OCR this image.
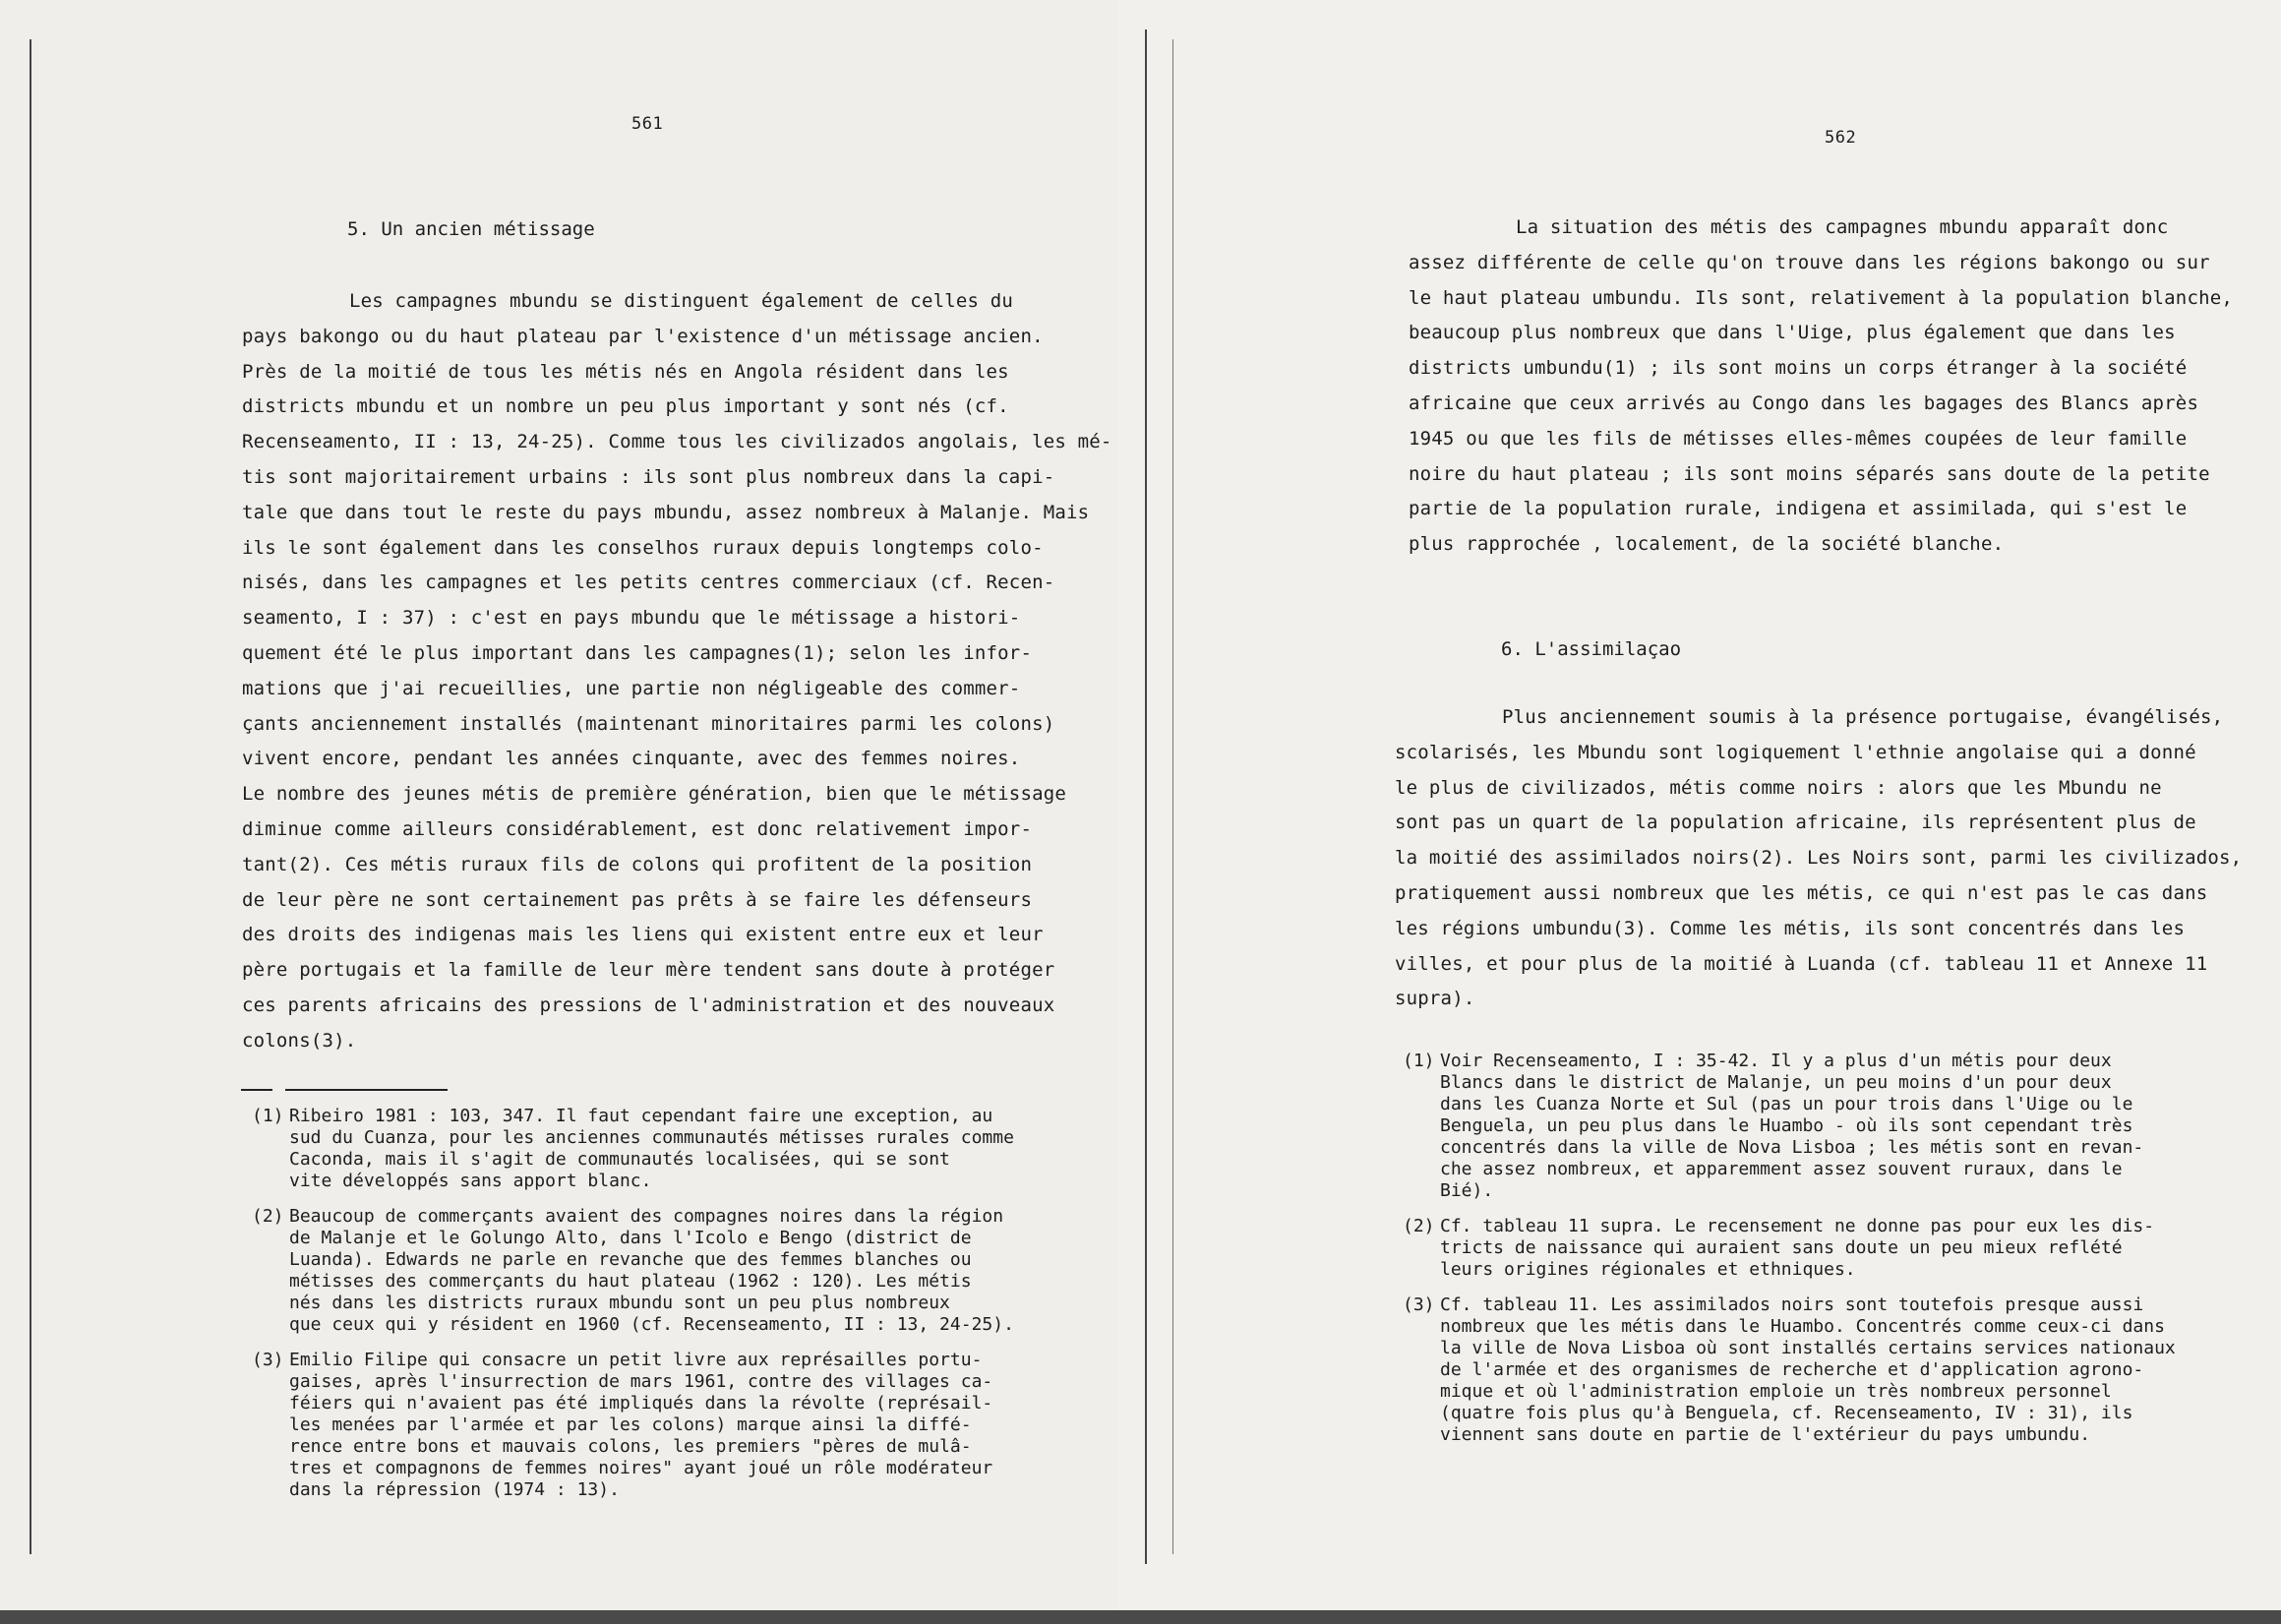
561
5. Un ancien métissage

Les campagnes mbundu se distinguent également de celles du
pays bakongo ou du haut plateau par l'existence d'un métissage ancien.
Près de la moitié de tous les métis nés en Angola résident dans les
districts mbundu et un nombre un peu plus important y sont nés (cf.
Recenseamento, II : 13, 24-25). Comme tous les civilizados angolais, les mé-
tis sont majoritairement urbains : ils sont plus nombreux dans la capi-
tale que dans tout le reste du pays mbundu, assez nombreux à Malanje. Mais
ils le sont également dans les conselhos ruraux depuis longtemps colo-
nisés, dans les campagnes et les petits centres commerciaux (cf. Recen-
seamento, I : 37) : c'est en pays mbundu que le métissage a histori-
quement été le plus important dans les campagnes(1); selon les infor-
mations que j'ai recueillies, une partie non négligeable des commer-
çants anciennement installés (maintenant minoritaires parmi les colons)
vivent encore, pendant les années cinquante, avec des femmes noires.
Le nombre des jeunes métis de première génération, bien que le métissage
diminue comme ailleurs considérablement, est donc relativement impor-
tant(2). Ces métis ruraux fils de colons qui profitent de la position
de leur père ne sont certainement pas prêts à se faire les défenseurs
des droits des indigenas mais les liens qui existent entre eux et leur
père portugais et la famille de leur mère tendent sans doute à protéger
ces parents africains des pressions de l'administration et des nouveaux
colons(3).

(1) Ribeiro 1981 : 103, 347. Il faut cependant faire une exception, au
sud du Cuanza, pour les anciennes communautés métisses rurales comme
Caconda, mais il s'agit de communautés localisées, qui se sont
vite développés sans apport blanc.
(2) Beaucoup de commerçants avaient des compagnes noires dans la région
de Malanje et le Golungo Alto, dans l'Icolo e Bengo (district de
Luanda). Edwards ne parle en revanche que des femmes blanches ou
métisses des commerçants du haut plateau (1962 : 120). Les métis
nés dans les districts ruraux mbundu sont un peu plus nombreux
que ceux qui y résident en 1960 (cf. Recenseamento, II : 13, 24-25).
(3) Emilio Filipe qui consacre un petit livre aux représailles portu-
gaises, après l'insurrection de mars 1961, contre des villages ca-
féiers qui n'avaient pas été impliqués dans la révolte (représail-
les menées par l'armée et par les colons) marque ainsi la diffé-
rence entre bons et mauvais colons, les premiers "pères de mulâ-
tres et compagnons de femmes noires" ayant joué un rôle modérateur
dans la répression (1974 : 13).
562

La situation des métis des campagnes mbundu apparaît donc
assez différente de celle qu'on trouve dans les régions bakongo ou sur
le haut plateau umbundu. Ils sont, relativement à la population blanche,
beaucoup plus nombreux que dans l'Uige, plus également que dans les
districts umbundu(1) ; ils sont moins un corps étranger à la société
africaine que ceux arrivés au Congo dans les bagages des Blancs après
1945 ou que les fils de métisses elles-mêmes coupées de leur famille
noire du haut plateau ; ils sont moins séparés sans doute de la petite
partie de la population rurale, indigena et assimilada, qui s'est le
plus rapprochée , localement, de la société blanche.

6. L'assimilaçao

Plus anciennement soumis à la présence portugaise, évangélisés,
scolarisés, les Mbundu sont logiquement l'ethnie angolaise qui a donné
le plus de civilizados, métis comme noirs : alors que les Mbundu ne
sont pas un quart de la population africaine, ils représentent plus de
la moitié des assimilados noirs(2). Les Noirs sont, parmi les civilizados,
pratiquement aussi nombreux que les métis, ce qui n'est pas le cas dans
les régions umbundu(3). Comme les métis, ils sont concentrés dans les
villes, et pour plus de la moitié à Luanda (cf. tableau 11 et Annexe 11
supra).

(1) Voir Recenseamento, I : 35-42. Il y a plus d'un métis pour deux
Blancs dans le district de Malanje, un peu moins d'un pour deux
dans les Cuanza Norte et Sul (pas un pour trois dans l'Uige ou le
Benguela, un peu plus dans le Huambo - où ils sont cependant très
concentrés dans la ville de Nova Lisboa ; les métis sont en revan-
che assez nombreux, et apparemment assez souvent ruraux, dans le
Bié).
(2) Cf. tableau 11 supra. Le recensement ne donne pas pour eux les dis-
tricts de naissance qui auraient sans doute un peu mieux reflété
leurs origines régionales et ethniques.
(3) Cf. tableau 11. Les assimilados noirs sont toutefois presque aussi
nombreux que les métis dans le Huambo. Concentrés comme ceux-ci dans
la ville de Nova Lisboa où sont installés certains services nationaux
de l'armée et des organismes de recherche et d'application agrono-
mique et où l'administration emploie un très nombreux personnel
(quatre fois plus qu'à Benguela, cf. Recenseamento, IV : 31), ils
viennent sans doute en partie de l'extérieur du pays umbundu.
